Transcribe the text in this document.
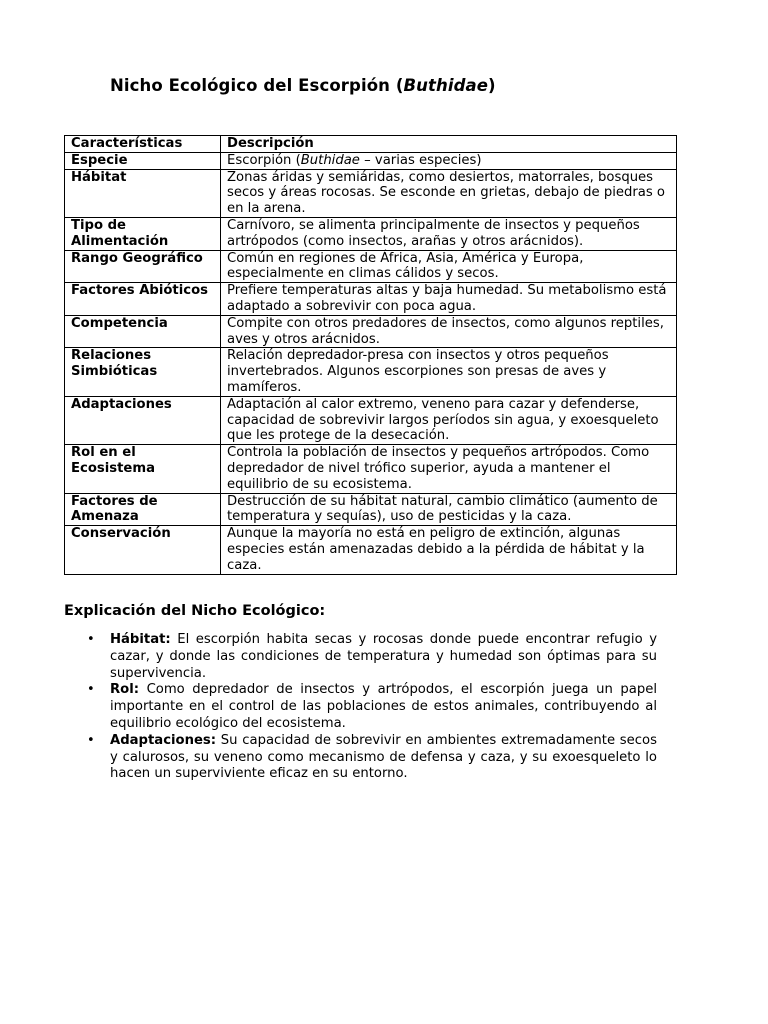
Nicho Ecológico del Escorpión (Buthidae)
Características	Descripción
Especie	Escorpión (Buthidae – varias especies)
Hábitat	Zonas áridas y semiáridas, como desiertos, matorrales, bosques secos y áreas rocosas. Se esconde en grietas, debajo de piedras o en la arena.
Tipo de Alimentación	Carnívoro, se alimenta principalmente de insectos y pequeños artrópodos (como insectos, arañas y otros arácnidos).
Rango Geográfico	Común en regiones de África, Asia, América y Europa, especialmente en climas cálidos y secos.
Factores Abióticos	Prefiere temperaturas altas y baja humedad. Su metabolismo está adaptado a sobrevivir con poca agua.
Competencia	Compite con otros predadores de insectos, como algunos reptiles, aves y otros arácnidos.
Relaciones Simbióticas	Relación depredador-presa con insectos y otros pequeños invertebrados. Algunos escorpiones son presas de aves y mamíferos.
Adaptaciones	Adaptación al calor extremo, veneno para cazar y defenderse, capacidad de sobrevivir largos períodos sin agua, y exoesqueleto que les protege de la desecación.
Rol en el Ecosistema	Controla la población de insectos y pequeños artrópodos. Como depredador de nivel trófico superior, ayuda a mantener el equilibrio de su ecosistema.
Factores de Amenaza	Destrucción de su hábitat natural, cambio climático (aumento de temperatura y sequías), uso de pesticidas y la caza.
Conservación	Aunque la mayoría no está en peligro de extinción, algunas especies están amenazadas debido a la pérdida de hábitat y la caza.
Explicación del Nicho Ecológico:
• Hábitat: El escorpión habita secas y rocosas donde puede encontrar refugio y cazar, y donde las condiciones de temperatura y humedad son óptimas para su supervivencia.
• Rol: Como depredador de insectos y artrópodos, el escorpión juega un papel importante en el control de las poblaciones de estos animales, contribuyendo al equilibrio ecológico del ecosistema.
• Adaptaciones: Su capacidad de sobrevivir en ambientes extremadamente secos y calurosos, su veneno como mecanismo de defensa y caza, y su exoesqueleto lo hacen un superviviente eficaz en su entorno.
